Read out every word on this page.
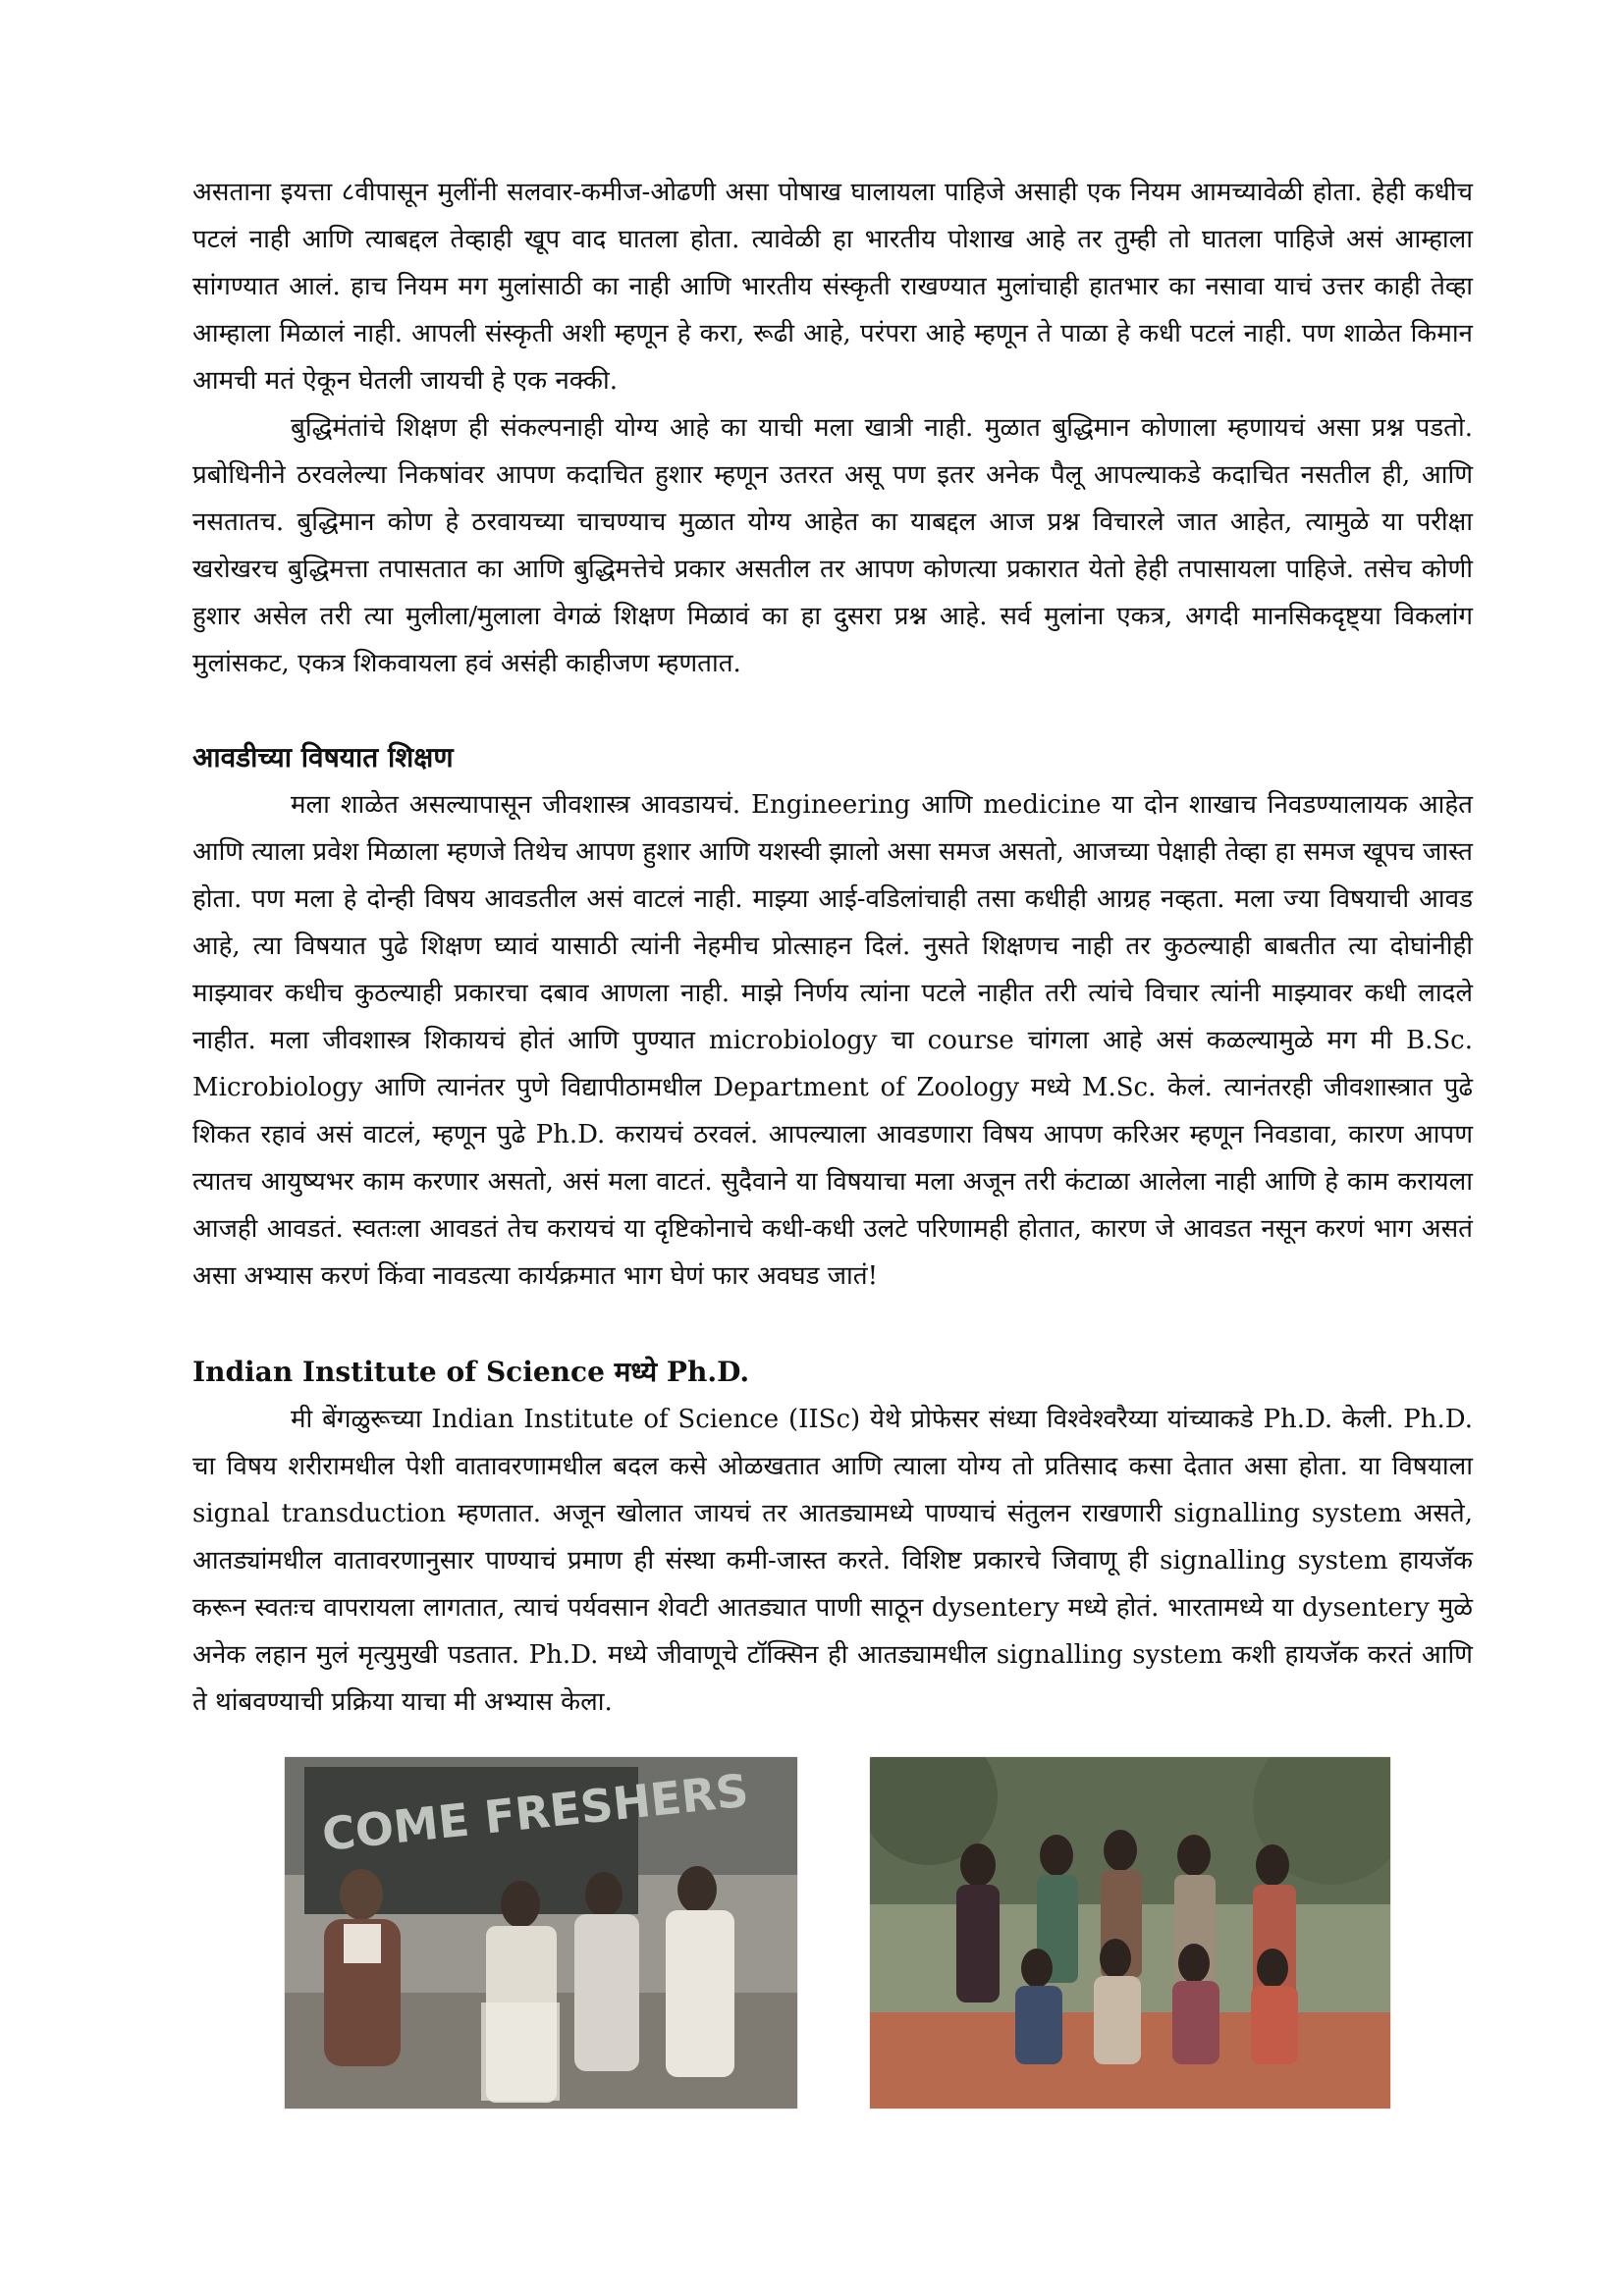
असताना इयत्ता ८वीपासून मुलींनी सलवार-कमीज-ओढणी असा पोषाख घालायला पाहिजे असाही एक नियम आमच्यावेळी होता. हेही कधीच पटलं नाही आणि त्याबद्दल तेव्हाही खूप वाद घातला होता. त्यावेळी हा भारतीय पोशाख आहे तर तुम्ही तो घातला पाहिजे असं आम्हाला सांगण्यात आलं. हाच नियम मग मुलांसाठी का नाही आणि भारतीय संस्कृती राखण्यात मुलांचाही हातभार का नसावा याचं उत्तर काही तेव्हा आम्हाला मिळालं नाही. आपली संस्कृती अशी म्हणून हे करा, रूढी आहे, परंपरा आहे म्हणून ते पाळा हे कधी पटलं नाही. पण शाळेत किमान आमची मतं ऐकून घेतली जायची हे एक नक्की.

बुद्धिमंतांचे शिक्षण ही संकल्पनाही योग्य आहे का याची मला खात्री नाही. मुळात बुद्धिमान कोणाला म्हणायचं असा प्रश्न पडतो. प्रबोधिनीने ठरवलेल्या निकषांवर आपण कदाचित हुशार म्हणून उतरत असू पण इतर अनेक पैलू आपल्याकडे कदाचित नसतील ही, आणि नसतातच. बुद्धिमान कोण हे ठरवायच्या चाचण्याच मुळात योग्य आहेत का याबद्दल आज प्रश्न विचारले जात आहेत, त्यामुळे या परीक्षा खरोखरच बुद्धिमत्ता तपासतात का आणि बुद्धिमत्तेचे प्रकार असतील तर आपण कोणत्या प्रकारात येतो हेही तपासायला पाहिजे. तसेच कोणी हुशार असेल तरी त्या मुलीला/मुलाला वेगळं शिक्षण मिळावं का हा दुसरा प्रश्न आहे. सर्व मुलांना एकत्र, अगदी मानसिकदृष्ट्या विकलांग मुलांसकट, एकत्र शिकवायला हवं असंही काहीजण म्हणतात.

आवडीच्या विषयात शिक्षण

मला शाळेत असल्यापासून जीवशास्त्र आवडायचं. Engineering आणि medicine या दोन शाखाच निवडण्यालायक आहेत आणि त्याला प्रवेश मिळाला म्हणजे तिथेच आपण हुशार आणि यशस्वी झालो असा समज असतो, आजच्या पेक्षाही तेव्हा हा समज खूपच जास्त होता. पण मला हे दोन्ही विषय आवडतील असं वाटलं नाही. माझ्या आई-वडिलांचाही तसा कधीही आग्रह नव्हता. मला ज्या विषयाची आवड आहे, त्या विषयात पुढे शिक्षण घ्यावं यासाठी त्यांनी नेहमीच प्रोत्साहन दिलं. नुसते शिक्षणच नाही तर कुठल्याही बाबतीत त्या दोघांनीही माझ्यावर कधीच कुठल्याही प्रकारचा दबाव आणला नाही. माझे निर्णय त्यांना पटले नाहीत तरी त्यांचे विचार त्यांनी माझ्यावर कधी लादले नाहीत. मला जीवशास्त्र शिकायचं होतं आणि पुण्यात microbiology चा course चांगला आहे असं कळल्यामुळे मग मी B.Sc. Microbiology आणि त्यानंतर पुणे विद्यापीठामधील Department of Zoology मध्ये M.Sc. केलं. त्यानंतरही जीवशास्त्रात पुढे शिकत रहावं असं वाटलं, म्हणून पुढे Ph.D. करायचं ठरवलं. आपल्याला आवडणारा विषय आपण करिअर म्हणून निवडावा, कारण आपण त्यातच आयुष्यभर काम करणार असतो, असं मला वाटतं. सुदैवाने या विषयाचा मला अजून तरी कंटाळा आलेला नाही आणि हे काम करायला आजही आवडतं. स्वतःला आवडतं तेच करायचं या दृष्टिकोनाचे कधी-कधी उलटे परिणामही होतात, कारण जे आवडत नसून करणं भाग असतं असा अभ्यास करणं किंवा नावडत्या कार्यक्रमात भाग घेणं फार अवघड जातं!

Indian Institute of Science मध्ये Ph.D.

मी बेंगळुरूच्या Indian Institute of Science (IISc) येथे प्रोफेसर संध्या विश्वेश्वरैय्या यांच्याकडे Ph.D. केली. Ph.D. चा विषय शरीरामधील पेशी वातावरणामधील बदल कसे ओळखतात आणि त्याला योग्य तो प्रतिसाद कसा देतात असा होता. या विषयाला signal transduction म्हणतात. अजून खोलात जायचं तर आतड्यामध्ये पाण्याचं संतुलन राखणारी signalling system असते, आतड्यांमधील वातावरणानुसार पाण्याचं प्रमाण ही संस्था कमी-जास्त करते. विशिष्ट प्रकारचे जिवाणू ही signalling system हायजॅक करून स्वतःच वापरायला लागतात, त्याचं पर्यवसान शेवटी आतड्यात पाणी साठून dysentery मध्ये होतं. भारतामध्ये या dysentery मुळे अनेक लहान मुलं मृत्युमुखी पडतात. Ph.D. मध्ये जीवाणूचे टॉक्सिन ही आतड्यामधील signalling system कशी हायजॅक करतं आणि ते थांबवण्याची प्रक्रिया याचा मी अभ्यास केला.

COME FRESHERS
